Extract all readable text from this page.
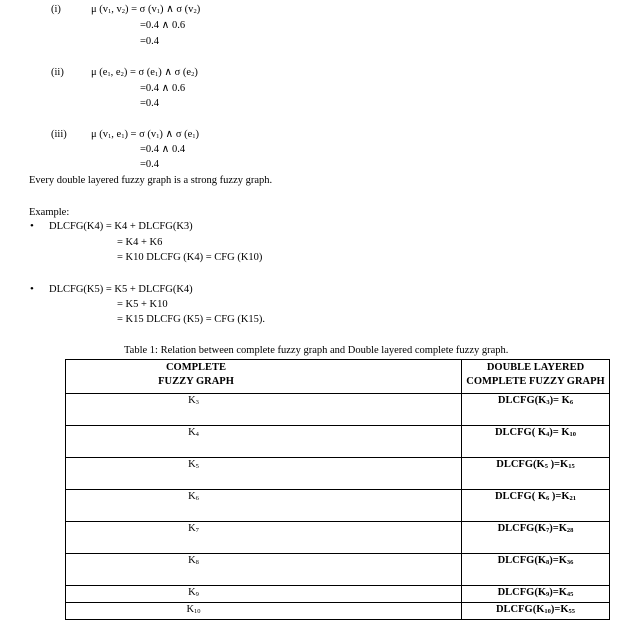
(i)	μ (v1, v2) = σ (v1) ∧ σ (v2)
=0.4 ∧ 0.6
=0.4
(ii)	μ (e1, e2) = σ (e1) ∧ σ (e2)
=0.4 ∧ 0.6
=0.4
(iii) μ (v1, e1) = σ (v1) ∧ σ (e1)
=0.4 ∧ 0.4
=0.4
Every double layered fuzzy graph is a strong fuzzy graph.
Example:
• DLCFG(K4) = K4 + DLCFG(K3)
= K4 + K6
= K10 DLCFG (K4) = CFG (K10)
• DLCFG(K5) = K5 + DLCFG(K4)
= K5 + K10
= K15 DLCFG (K5) = CFG (K15).
Table 1: Relation between complete fuzzy graph and Double layered complete fuzzy graph.
COMPLETE
FUZZY GRAPH	DOUBLE LAYERED
COMPLETE FUZZY GRAPH
K3	DLCFG(K3)= K6
K4	DLCFG( K4)= K10
K5	DLCFG(K5 )=K15
K6	DLCFG( K6 )=K21
K7	DLCFG(K7)=K28
K8	DLCFG(K8)=K36
K9	DLCFG(K9)=K45
K10	DLCFG(K10)=K55
